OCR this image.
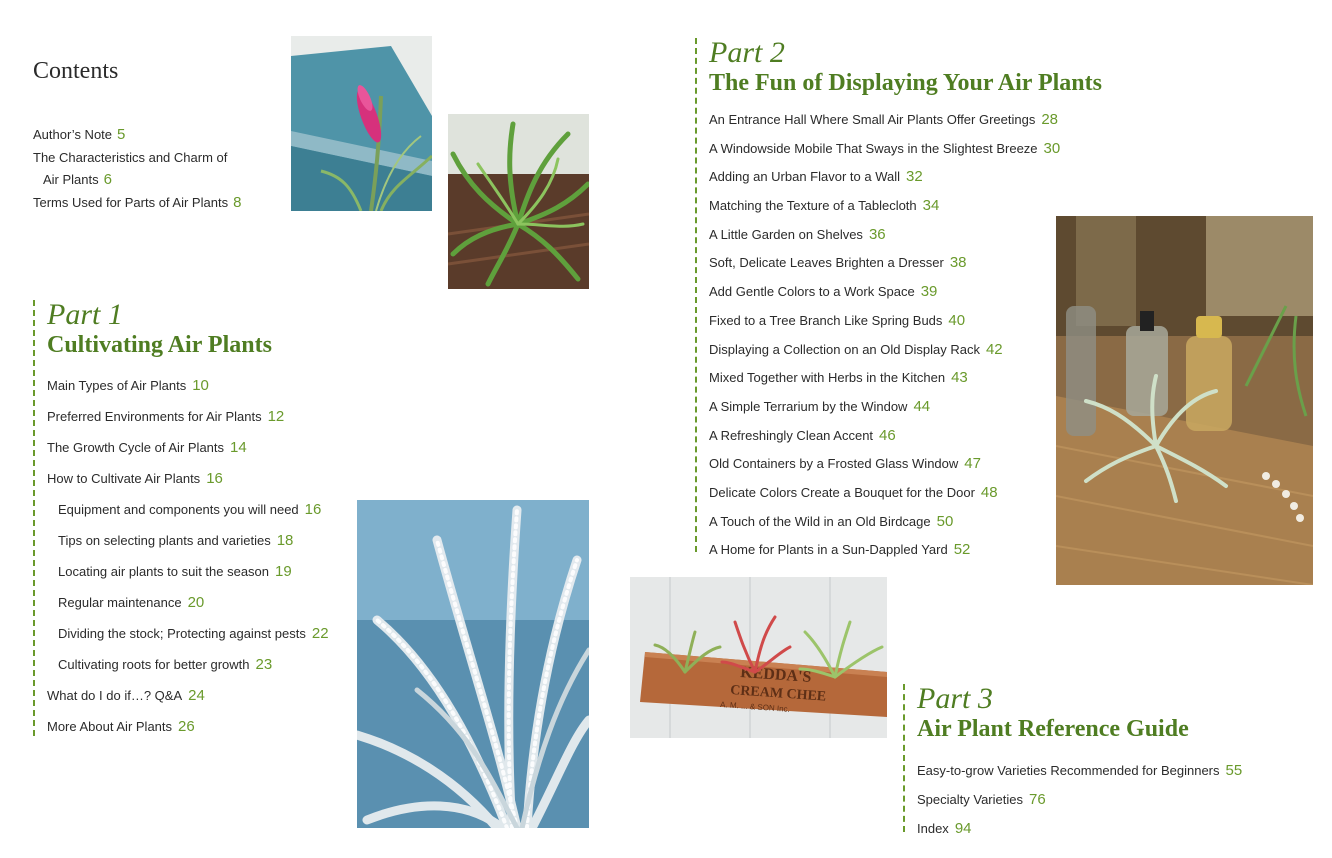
Contents
Author’s Note 5
The Characteristics and Charm of
Air Plants 6
Terms Used for Parts of Air Plants 8
Part 1
Cultivating Air Plants
Main Types of Air Plants 10
Preferred Environments for Air Plants 12
The Growth Cycle of Air Plants 14
How to Cultivate Air Plants 16
Equipment and components you will need 16
Tips on selecting plants and varieties 18
Locating air plants to suit the season 19
Regular maintenance 20
Dividing the stock; Protecting against pests 22
Cultivating roots for better growth 23
What do I do if…? Q&A 24
More About Air Plants 26
Part 2
The Fun of Displaying Your Air Plants
An Entrance Hall Where Small Air Plants Offer Greetings 28
A Windowside Mobile That Sways in the Slightest Breeze 30
Adding an Urban Flavor to a Wall 32
Matching the Texture of a Tablecloth 34
A Little Garden on Shelves 36
Soft, Delicate Leaves Brighten a Dresser 38
Add Gentle Colors to a Work Space 39
Fixed to a Tree Branch Like Spring Buds 40
Displaying a Collection on an Old Display Rack 42
Mixed Together with Herbs in the Kitchen 43
A Simple Terrarium by the Window 44
A Refreshingly Clean Accent 46
Old Containers by a Frosted Glass Window 47
Delicate Colors Create a Bouquet for the Door 48
A Touch of the Wild in an Old Birdcage 50
A Home for Plants in a Sun-Dappled Yard 52
KEDDA'S
CREAM CHEE
A. M. ... & SON Inc.	Part 3
Air Plant Reference Guide
Easy-to-grow Varieties Recommended for Beginners 55
Specialty Varieties 76
Index 94
